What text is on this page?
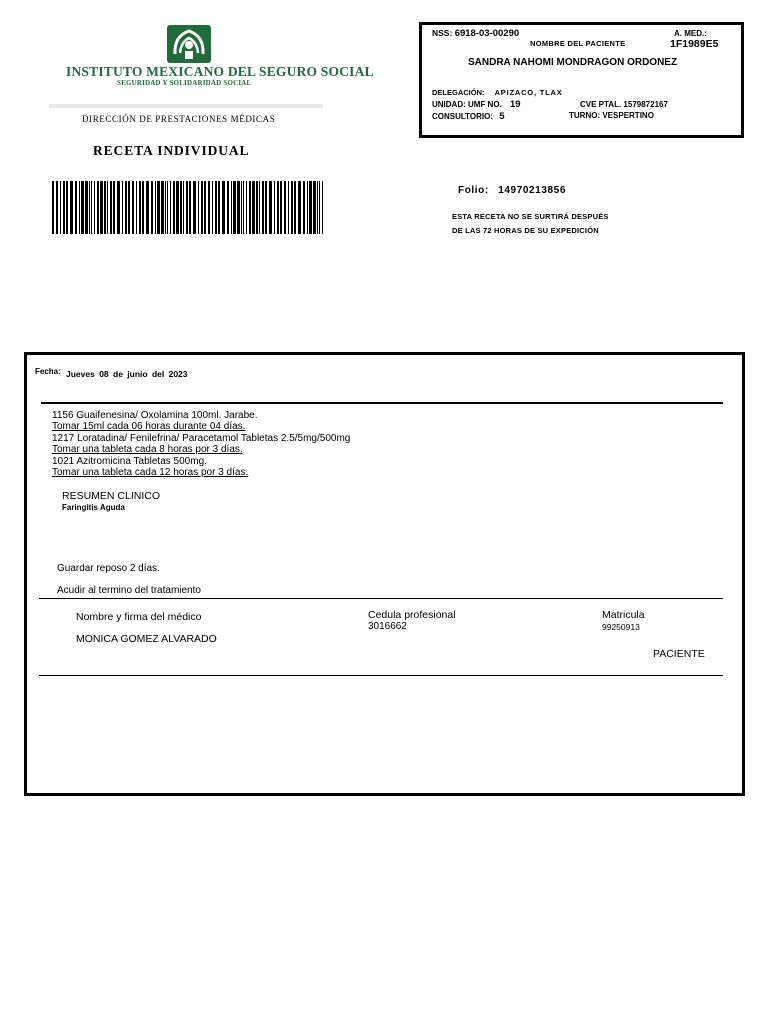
INSTITUTO MEXICANO DEL SEGURO SOCIAL
SEGURIDAD Y SOLIDARIDAD SOCIAL
DIRECCIÓN DE PRESTACIONES MÉDICAS
RECETA INDIVIDUAL
NSS: 6918-03-00290	A. MED.:
NOMBRE DEL PACIENTE	1F1989E5
SANDRA NAHOMI MONDRAGON ORDONEZ
DELEGACIÓN: APIZACO, TLAX
UNIDAD: UMF NO. 19	CVE PTAL. 1579872167
CONSULTORIO: 5	TURNO: VESPERTINO
Folio: 14970213856
ESTA RECETA NO SE SURTIRÁ DESPUÉS
DE LAS 72 HORAS DE SU EXPEDICIÓN
Fecha: Jueves 08 de junio del 2023
1156 Guaifenesina/ Oxolamina 100ml. Jarabe.
Tomar 15ml cada 06 horas durante 04 días.
1217 Loratadina/ Fenilefrina/ Paracetamol Tabletas 2.5/5mg/500mg
Tomar una tableta cada 8 horas por 3 días.
1021 Azitromicina Tabletas 500mg.
Tomar una tableta cada 12 horas por 3 días.
RESUMEN CLINICO
Faringitis Aguda
Guardar reposo 2 días.
Acudir al termino del tratamiento
Nombre y firma del médico
MONICA GOMEZ ALVARADO
Cedula profesional
3016662
Matricula
99250913
PACIENTE
